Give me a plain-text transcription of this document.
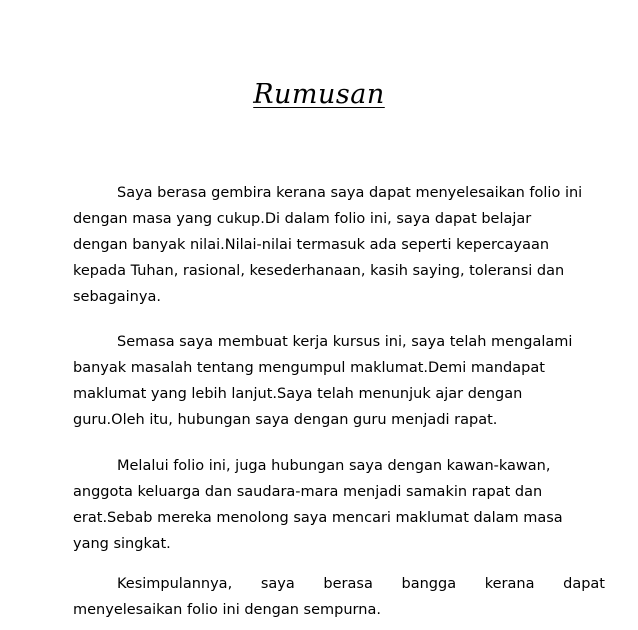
Rumusan
Saya berasa gembira kerana saya dapat menyelesaikan folio ini
dengan masa yang cukup.Di dalam folio ini, saya dapat belajar
dengan banyak nilai.Nilai-nilai termasuk ada seperti kepercayaan
kepada Tuhan, rasional, kesederhanaan, kasih saying, toleransi dan
sebagainya.
Semasa saya membuat kerja kursus ini, saya telah mengalami
banyak masalah tentang mengumpul maklumat.Demi mandapat
maklumat yang lebih lanjut.Saya telah menunjuk ajar dengan
guru.Oleh itu, hubungan saya dengan guru menjadi rapat.
Melalui folio ini, juga hubungan saya dengan kawan-kawan,
anggota keluarga dan saudara-mara menjadi samakin rapat dan
erat.Sebab mereka menolong saya mencari maklumat dalam masa
yang singkat.
Kesimpulannya, saya berasa bangga kerana dapat
menyelesaikan folio ini dengan sempurna.
